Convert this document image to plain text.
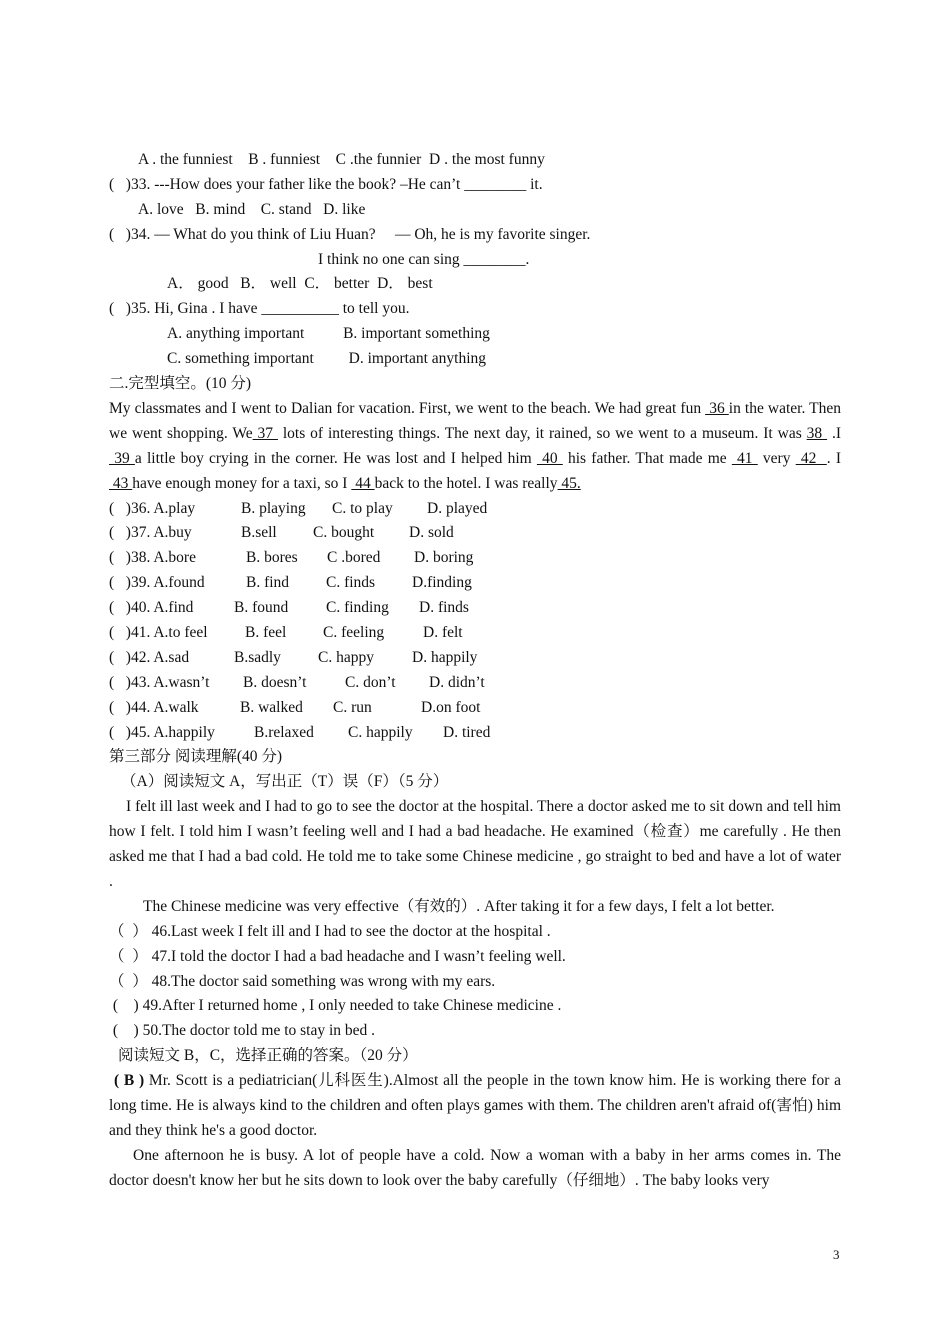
A . the funniest    B . funniest    C .the funnier  D . the most funny
(   )33. ---How does your father like the book? –He can’t ________ it.
A. love   B. mind    C. stand   D. like
(   )34. — What do you think of Liu Huan?     — Oh, he is my favorite singer.
I think no one can sing ________.
A． good   B． well  C． better  D． best
(   )35. Hi, Gina . I have __________ to tell you.
A. anything important          B. important something
C. something important         D. important anything
二.完型填空。(10 分)

My classmates and I went to Dalian for vacation. First, we went to the beach. We had great fun  36 in the water. Then we went shopping. We 37  lots of interesting things. The next day, it rained, so we went to a museum. It was 38  .I  39 a little boy crying in the corner. He was lost and I helped him  40  his father. That made me  41  very  42  . I  43 have enough money for a taxi, so I  44 back to the hotel. I was really 45.

(   )36. A.play	B. playing	C. to play	D. played
(   )37. A.buy	B.sell	C. bought	D. sold
(   )38. A.bore	B. bores	C .bored	D. boring
(   )39. A.found	B. find	C. finds	D.finding
(   )40. A.find	B. found	C. finding	D. finds
(   )41. A.to feel	B. feel	C. feeling	D. felt
(   )42. A.sad	B.sadly	C. happy	D. happily
(   )43. A.wasn’t	B. doesn’t	C. don’t	D. didn’t
(   )44. A.walk	B. walked	C. run	D.on foot
(   )45. A.happily	B.relaxed	C. happily	D. tired
第三部分 阅读理解(40 分)
（A）阅读短文 A，写出正（T）误（F）（5 分）

I felt ill last week and I had to go to see the doctor at the hospital. There a doctor asked me to sit down and tell him how I felt. I told him I wasn’t feeling well and I had a bad headache. He examined（检查）me carefully . He then asked me that I had a bad cold. He told me to take some Chinese medicine , go straight to bed and have a lot of water .

The Chinese medicine was very effective（有效的）. After taking it for a few days, I felt a lot better.

（  ） 46.Last week I felt ill and I had to see the doctor at the hospital .
（  ） 47.I told the doctor I had a bad headache and I wasn’t feeling well.
（  ） 48.The doctor said something was wrong with my ears.
(    ) 49.After I returned home , I only needed to take Chinese medicine .
(    ) 50.The doctor told me to stay in bed .
阅读短文 B，C，选择正确的答案。（20 分）

( B ) Mr. Scott is a pediatrician(儿科医生).Almost all the people in the town know him. He is working there for a long time. He is always kind to the children and often plays games with them. The children aren't afraid of(害怕) him and they think he's a good doctor.

One afternoon he is busy. A lot of people have a cold. Now a woman with a baby in her arms comes in. The doctor doesn't know her but he sits down to look over the baby carefully（仔细地）. The baby looks very

3
